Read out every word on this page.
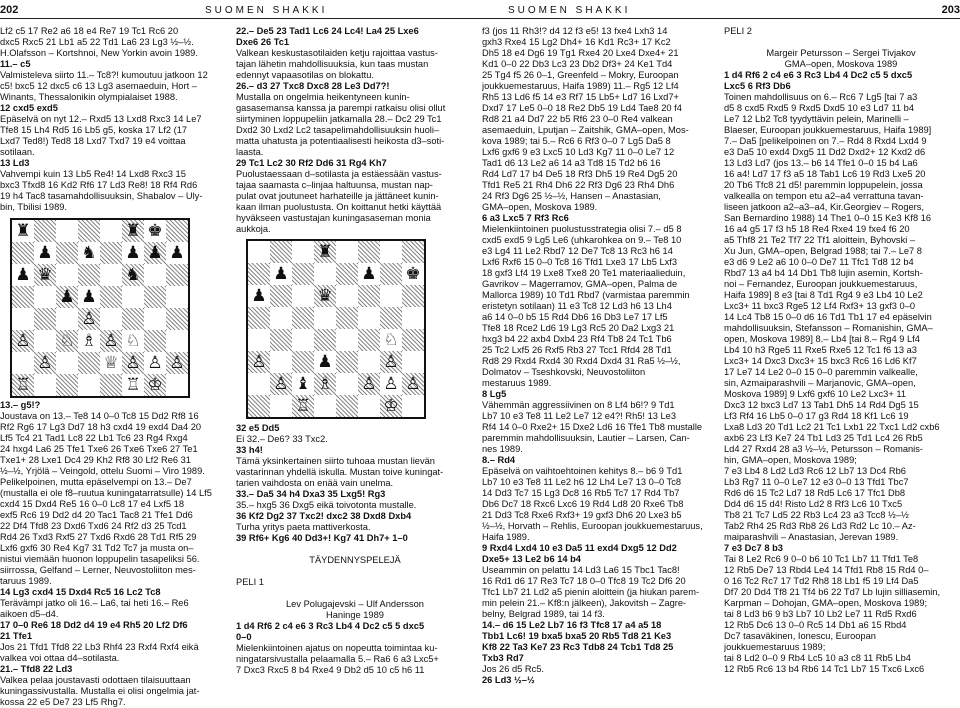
202	SUOMEN SHAKKI
Lf2 c5 17 Re2 a6 18 e4 Re7 19 Tc1 Rc6 20
dxc5 Rxc5 21 Lb1 a5 22 Td1 La6 23 Lg3 ½–½.
H.Olafsson – Kortshnoi, New Yorkin avoin 1989.
11.– c5
Valmisteleva siirto 11.– Tc8?! kumoutuu jatkoon 12
c5! bxc5 12 dxc5 c6 13 Lg3 asemaeduin, Hort –
Winants, Thessalonikin olympialaiset 1988.
12 cxd5 exd5
Epäselvä on nyt 12.– Rxd5 13 Lxd8 Rxc3 14 Le7
Tfe8 15 Lh4 Rd5 16 Lb5 g5, koska 17 Lf2 (17
Lxd7 Ted8!) Ted8 18 Lxd7 Txd7 19 e4 voittaa
sotilaan.
13 Ld3
Vahvempi kuin 13 Lb5 Re4! 14 Lxd8 Rxc3 15
bxc3 Tfxd8 16 Kd2 Rf6 17 Ld3 Re8! 18 Rf4 Rd6
19 h4 Tac8 tasamahdollisuuksin, Shabalov – Uly-
bin, Tbilisi 1989.
♜	♜ ♚
♟ ♞ ♟ ♟ ♟
♟ ♛	♞
♟ ♟
♙
♙ ♘ ♗ ♙ ♘
♙	♕ ♙ ♙ ♙
♖	♖ ♔
13.– g5!?
Joustava on 13.– Te8 14 0–0 Tc8 15 Dd2 Rf8 16
Rf2 Rg6 17 Lg3 Dd7 18 h3 cxd4 19 exd4 Da4 20
Lf5 Tc4 21 Tad1 Lc8 22 Lb1 Tc6 23 Rg4 Rxg4
24 hxg4 La6 25 Tfe1 Txe6 26 Txe6 Txe6 27 Te1
Txe1+ 28 Lxe1 Dc4 29 Kh2 Rf8 30 Lf2 Re6 31
½–½, Yrjölä – Veingold, ottelu Suomi – Viro 1989.
Pelikelpoinen, mutta epäselvempi on 13.– De7
(mustalla ei ole f8–ruutua kuningatarratsulle) 14 Lf5
cxd4 15 Dxd4 Re5 16 0–0 Lc8 17 e4 Lxf5 18
exf5 Rc6 19 Dd2 d4 20 Tac1 Tac8 21 Tfe1 Dd6
22 Df4 Tfd8 23 Dxd6 Txd6 24 Rf2 d3 25 Tcd1
Rd4 26 Txd3 Rxf5 27 Txd6 Rxd6 28 Td1 Rf5 29
Lxf6 gxf6 30 Re4 Kg7 31 Td2 Tc7 ja musta on–
nistui viemään huonon loppupelin tasapeliksi 56.
siirrossa, Gelfand – Lerner, Neuvostoliiton mes-
taruus 1989.
14 Lg3 cxd4 15 Dxd4 Rc5 16 Lc2 Tc8
Terävämpi jatko oli 16.– La6, tai heti 16.– Re6
aikoen d5–d4.
17 0–0 Re6 18 Dd2 d4 19 e4 Rh5 20 Lf2 Df6
21 Tfe1
Jos 21 Tfd1 Tfd8 22 Lb3 Rhf4 23 Rxf4 Rxf4 eikä
valkea voi ottaa d4–sotilasta.
21.– Tfd8 22 Ld3
Valkea pelaa joustavasti odottaen tilaisuuttaan
kuningassivustalla. Mustalla ei olisi ongelmia jat-
kossa 22 e5 De7 23 Lf5 Rhg7.
22.– De5 23 Tad1 Lc6 24 Lc4! La4 25 Lxe6
Dxe6 26 Tc1
Valkean keskustasotilaiden ketju rajoittaa vastus-
tajan lähetin mahdollisuuksia, kun taas mustan
edennyt vapaasotilas on blokattu.
26.– d3 27 Txc8 Dxc8 28 Le3 Dd7?!
Mustalla on ongelmia heikentyneen kunin-
gasasemansa kanssa ja parempi ratkaisu olisi ollut
siirtyminen loppupeliin jatkamalla 28.– Dc2 29 Tc1
Dxd2 30 Lxd2 Lc2 tasapelimahdollisuuksin huoli–
matta uhatusta ja potentiaalisesti heikosta d3–soti-
laasta.
29 Tc1 Lc2 30 Rf2 Dd6 31 Rg4 Kh7
Puolustaessaan d–sotilasta ja estäessään vastus-
tajaa saamasta c–linjaa haltuunsa, mustan nap-
pulat ovat joutuneet harhateille ja jättäneet kunin-
kaan ilman puolustusta. On koittanut hetki käyttää
hyväkseen vastustajan kuningasaseman monia
aukkoja.
♜
♟	♟ ♚
♟	♛
♘
♙	♟	♙
♙ ♝ ♗ ♙ ♙ ♙
♖	♔
32 e5 Dd5
Ei 32.– De6? 33 Txc2.
33 h4!
Tämä yksinkertainen siirto tuhoaa mustan lievän
vastarinnan yhdellä iskulla. Mustan toive kuningat-
tarien vaihdosta on enää vain unelma.
33.– Da5 34 h4 Dxa3 35 Lxg5! Rg3
35.– hxg5 36 Dxg5 eikä toivotonta mustalle.
36 Kf2 Dg2 37 Txc2! dxc2 38 Dxd8 Dxb4
Turha yritys paeta mattiverkosta.
39 Rf6+ Kg6 40 Dd3+! Kg7 41 Dh7+ 1–0
TÄYDENNYSPELEJÄ
PELI 1
Lev Polugajevski – Ulf Andersson
Haninge 1989
1 d4 Rf6 2 c4 e6 3 Rc3 Lb4 4 Dc2 c5 5 dxc5
0–0
Mielenkiintoinen ajatus on nopeutta toimintaa ku-
ningatarsivustalla pelaamalla 5.– Ra6 6 a3 Lxc5+
7 Dxc3 Rxc5 8 b4 Rxe4 9 Db2 d5 10 c5 h6 11
SUOMEN SHAKKI	203
f3 (jos 11 Rh3!? d4 12 f3 e5! 13 fxe4 Lxh3 14
gxh3 Rxe4 15 Lg2 Dh4+ 16 Kd1 Rc3+ 17 Kc2
Dh5 18 e4 Dg6 19 Tg1 Rxe4 20 Lxe4 Dxe4+ 21
Kd1 0–0 22 Db3 Lc3 23 Db2 Df3+ 24 Ke1 Td4
25 Tg4 f5 26 0–1, Greenfeld – Mokry, Euroopan
joukkuemestaruus, Haifa 1989) 11.– Rg5 12 Lf4
Rh5 13 Ld6 f5 14 e3 Rf7 15 Lb5+ Ld7 16 Lxd7+
Dxd7 17 Le5 0–0 18 Re2 Db5 19 Ld4 Tae8 20 f4
Rd8 21 a4 Dd7 22 b5 Rf6 23 0–0 Re4 valkean
asemaeduin, Lputjan – Zaitshik, GMA–open, Mos-
kova 1989; tai 5.– Rc6 6 Rf3 0–0 7 Lg5 Da5 8
Lxf6 gxf6 9 e3 Lxc5 10 Ld3 Kg7 11 0–0 Le7 12
Tad1 d6 13 Le2 a6 14 a3 Td8 15 Td2 b6 16
Rd4 Ld7 17 b4 De5 18 Rf3 Dh5 19 Re4 Dg5 20
Tfd1 Re5 21 Rh4 Dh6 22 Rf3 Dg6 23 Rh4 Dh6
24 Rf3 Dg6 25 ½–½, Hansen – Anastasian,
GMA–open, Moskova 1989.
6 a3 Lxc5 7 Rf3 Rc6
Mielenkiintoinen puolustusstrategia olisi 7.– d5 8
cxd5 exd5 9 Lg5 Le6 (uhkarohkea on 9.– Te8 10
e3 Lg4 11 Le2 Rbd7 12 De7 Tc8 13 Rc3 h6 14
Lxf6 Rxf6 15 0–0 Tc8 16 Tfd1 Lxe3 17 Lb5 Lxf3
18 gxf3 Lf4 19 Lxe8 Txe8 20 Te1 materiaalieduin,
Gavrikov – Magerramov, GMA–open, Palma de
Mallorca 1989) 10 Td1 Rbd7 (varmistaa paremmin
eristetyn sotilaan) 11 e3 Tc8 12 Ld3 h6 13 Lh4
a6 14 0–0 b5 15 Rd4 Db6 16 Db3 Le7 17 Lf5
Tfe8 18 Rce2 Ld6 19 Lg3 Rc5 20 Da2 Lxg3 21
hxg3 b4 22 axb4 Dxb4 23 Rf4 Tb8 24 Tc1 Tb6
25 Tc2 Lxf5 26 Rxf5 Rb3 27 Tcc1 Rfd4 28 Td1
Rd8 29 Rxd4 Rxd4 30 Rxd4 Dxd4 31 Ra5 ½–½,
Dolmatov – Tseshkovski, Neuvostoliiton
mestaruus 1989.
8 Lg5
Vähemmän aggressiivinen on 8 Lf4 b6!? 9 Td1
Lb7 10 e3 Te8 11 Le2 Le7 12 e4?! Rh5! 13 Le3
Rf4 14 0–0 Rxe2+ 15 Dxe2 Ld6 16 Tfe1 Tb8 mustalle
paremmin mahdollisuuksin, Lautier – Larsen, Can-
nes 1989.
8.– Rd4
Epäselvä on vaihtoehtoinen kehitys 8.– b6 9 Td1
Lb7 10 e3 Te8 11 Le2 h6 12 Lh4 Le7 13 0–0 Tc8
14 Dd3 Tc7 15 Lg3 Dc8 16 Rb5 Tc7 17 Rd4 Tb7
Db6 Dc7 18 Rxc6 Lxc6 19 Rd4 Ld8 20 Rxe6 Tb8
21 Dd3 Tc8 Rxe6 Rxf3+ 19 gxf3 Dh6 20 Lxe3 b5
½–½, Horvath – Rehlis, Euroopan joukkuemestaruus,
Haifa 1989.
9 Rxd4 Lxd4 10 e3 Da5 11 exd4 Dxg5 12 Dd2
Dxe5+ 13 Le2 b6 14 b4
Useammin on pelattu 14 Ld3 La6 15 Tbc1 Tac8!
16 Rd1 d6 17 Re3 Tc7 18 0–0 Tfc8 19 Tc2 Df6 20
Tfc1 Lb7 21 Ld2 a5 pienin aloittein (ja hiukan parem-
min pelein 21.– Kf8:n jälkeen), Jakovitsh – Zagre-
belny, Belgrad 1989, tai 14 f3.
14.– d6 15 Le2 Lb7 16 f3 Tfc8 17 a4 a5 18
Tbb1 Lc6! 19 bxa5 bxa5 20 Rb5 Td8 21 Ke3
Kf8 22 Ta3 Ke7 23 Rc3 Tdb8 24 Tcb1 Td8 25
Txb3 Rd7
Jos 26 d5 Rc5.
26 Ld3 ½–½
PELI 2
Margeir Petursson – Sergei Tivjakov
GMA–open, Moskova 1989
1 d4 Rf6 2 c4 e6 3 Rc3 Lb4 4 Dc2 c5 5 dxc5
Lxc5 6 Rf3 Db6
Toinen mahdollisuus on 6.– Rc6 7 Lg5 [tai 7 a3
d5 8 cxd5 Rxd5 9 Rxd5 Dxd5 10 e3 Ld7 11 b4
Le7 12 Lb2 Tc8 tyydyttävin pelein, Marinelli –
Blaeser, Euroopan joukkuemestaruus, Haifa 1989]
7.– Da5 [pelikelpoinen on 7.– Rd4 8 Rxd4 Lxd4 9
e3 Da5 10 exd4 Dxg5 11 Dd2 Dxd2+ 12 Kxd2 d6
13 Ld3 Ld7 (jos 13.– b6 14 Tfe1 0–0 15 b4 La6
16 a4! Ld7 17 f3 a5 18 Tab1 Lc6 19 Rd3 Lxe5 20
20 Tb6 Tfc8 21 d5! paremmin loppupelein, jossa
valkealla on tempon etu a2–a4 verrattuna tavan-
liseen jatkoon a2–a3–a4, Kir.Georgiev – Rogers,
San Bernardino 1988) 14 The1 0–0 15 Ke3 Kf8 16
16 a4 g5 17 f3 h5 18 Re4 Rxe4 19 fxe4 f6 20
a5 Thf8 21 Te2 Tf7 22 Tf1 aloittein, Byhovski –
Xu Jun, GMA–open, Belgrad 1988; tai 7.– Le7 8
e3 d6 9 Le2 a6 10 0–0 De7 11 Tfc1 Td8 12 b4
Rbd7 13 a4 b4 14 Db1 Tb8 lujin asemin, Kortsh-
noi – Fernandez, Euroopan joukkuemestaruus,
Haifa 1989] 8 e3 [tai 8 Td1 Rg4 9 e3 Lb4 10 Le2
Lxc3+ 11 bxc3 Rge5 12 Lf4 Rxf3+ 13 gxf3 0–0
14 Lc4 Tb8 15 0–0 d6 16 Td1 Tb1 17 e4 epäselvin
mahdollisuuksin, Stefansson – Romanishin, GMA–
open, Moskova 1989] 8.– Lb4 [tai 8.– Rg4 9 Lf4
Lb4 10 h3 Rge5 11 Rxe5 Rxe5 12 Tc1 f6 13 a3
Lxc3+ 14 Dxc3 Dxc3+ 15 bxc3 Rc6 16 Ld6 Kf7
17 Le7 14 Le2 0–0 15 0–0 paremmin valkealle,
sin, Azmaiparashvili – Marjanovic, GMA–open,
Moskova 1989] 9 Lxf6 gxf6 10 Le2 Lxc3+ 11
Dxc3 12 bxc3 Ld7 13 Tab1 Dh5 14 Rd4 Dg5 15
Lf3 Rf4 16 Lb5 0–0 17 g3 Rd4 18 Kf1 Lc6 19
Lxa8 Ld3 20 Td1 Lc2 21 Tc1 Lxb1 22 Txc1 Ld2 cxb6
axb6 23 Lf3 Ke7 24 Tb1 Ld3 25 Td1 Lc4 26 Rb5
Ld4 27 Rxd4 28 a3 ½–½, Petursson – Romanis-
hin, GMA–open, Moskova 1989;
7 e3 Lb4 8 Ld2 Ld3 Rc6 12 Lb7 13 Dc4 Rb6
Lb3 Rg7 11 0–0 Le7 12 e3 0–0 13 Tfd1 Tbc7
Rd6 d6 15 Tc2 Ld7 18 Rd5 Lc6 17 Tfc1 Db8
Dd4 d6 15 d4! Risto Ld2 8 Rf3 Lc6 10 Txc5
Tb8 21 Tc7 Ld5 22 Rb3 Lc4 23 a3 Tcc8 ½–½
Tab2 Rh4 25 Rd3 Rb8 26 Ld3 Rd2 Lc 10.– Az-
maiparashvili – Anastasian, Jerevan 1989.
7 e3 Dc7 8 b3
Tai 8 Le2 Rc6 9 0–0 b6 10 Tc1 Lb7 11 Tfd1 Te8
12 Rb5 De7 13 Rbd4 Le4 14 Tfd1 Rb8 15 Rd4 0–
0 16 Tc2 Rc7 17 Td2 Rh8 18 Lb1 f5 19 Lf4 Da5
Df7 20 Dd4 Tf8 21 Tf4 b6 22 Td7 Lb lujin silliasemin,
Karpman – Dohojan, GMA–open, Moskova 1989;
tai 8 Ld3 b6 9 b3 Lb7 10 Lb2 Le7 11 Rd5 Rxd6
12 Rb5 Dc6 13 0–0 Rc5 14 Db1 a6 15 Rbd4
Dc7 tasaväkinen, Ionescu, Euroopan
joukkuemestaruus 1989;
tai 8 Ld2 0–0 9 Rb4 Lc5 10 a3 c8 11 Rb5 Lb4
12 Rb5 Rc6 13 b4 Rb6 14 Tc1 Lb7 15 Txc6 Lxc6
